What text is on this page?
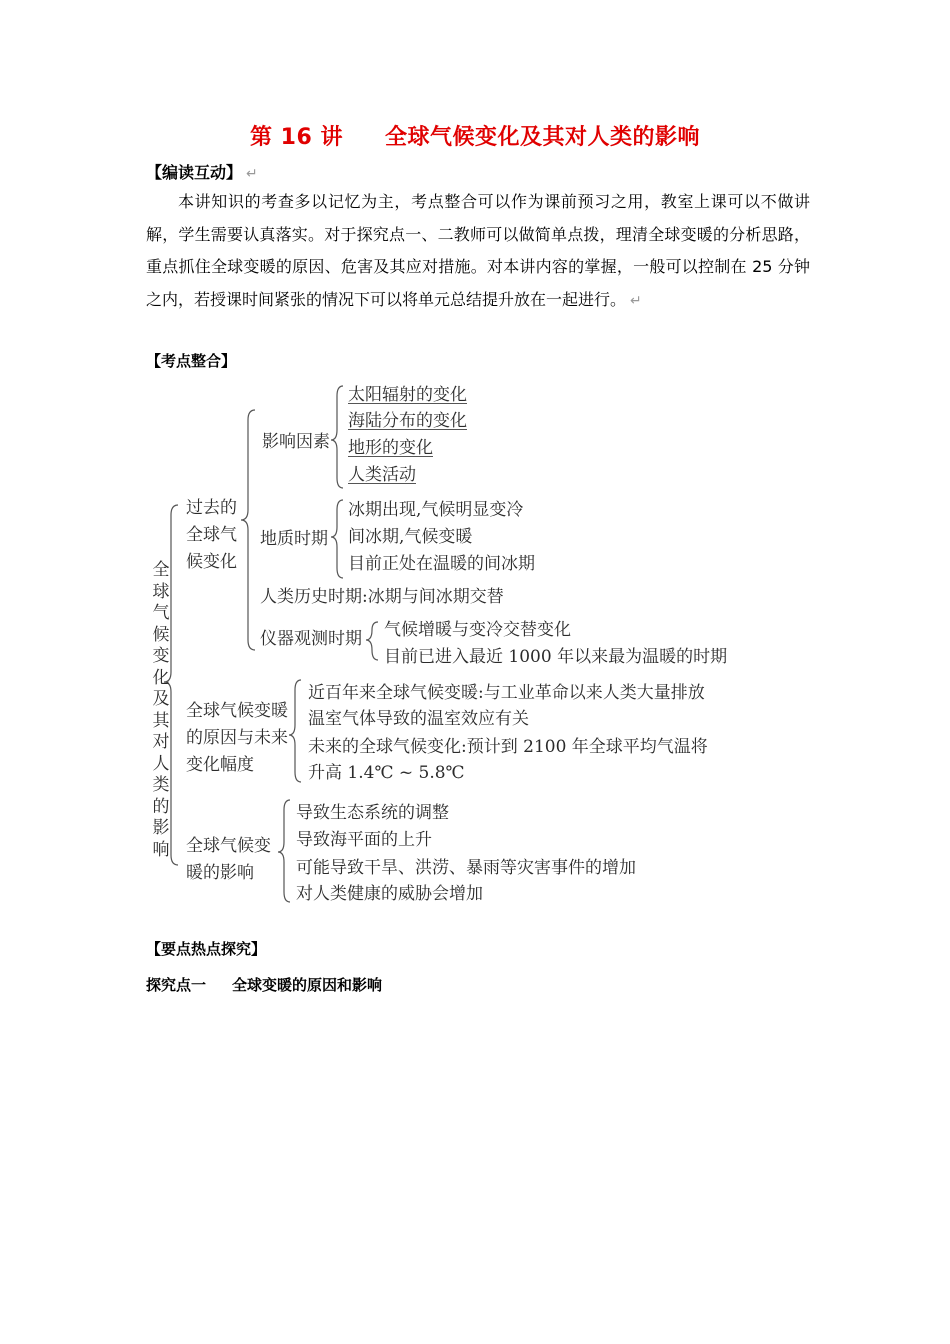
第 16 讲 全球气候变化及其对人类的影响
【编读互动】 ↵

本讲知识的考查多以记忆为主，考点整合可以作为课前预习之用，教室上课可以不做讲解，学生需要认真落实。对于探究点一、二教师可以做简单点拨，理清全球变暖的分析思路，重点抓住全球变暖的原因、危害及其应对措施。对本讲内容的掌握，一般可以控制在 25 分钟之内，若授课时间紧张的情况下可以将单元总结提升放在一起进行。 ↵

【考点整合】
全球气候变化及其对人类的影响
过去的全球气候变化
影响因素
太阳辐射的变化
海陆分布的变化
地形的变化
人类活动
地质时期
冰期出现,气候明显变冷
间冰期,气候变暖
目前正处在温暖的间冰期
人类历史时期:冰期与间冰期交替
仪器观测时期 气候增暖与变冷交替变化
目前已进入最近 1000 年以来最为温暖的时期
全球气候变暖的原因与未来变化幅度
近百年来全球气候变暖:与工业革命以来人类大量排放
温室气体导致的温室效应有关
未来的全球气候变化:预计到 2100 年全球平均气温将
升高 1.4℃ ~ 5.8℃
全球气候变暖的影响
导致生态系统的调整
导致海平面的上升
可能导致干旱、洪涝、暴雨等灾害事件的增加
对人类健康的威胁会增加
【要点热点探究】
探究点一 全球变暖的原因和影响
